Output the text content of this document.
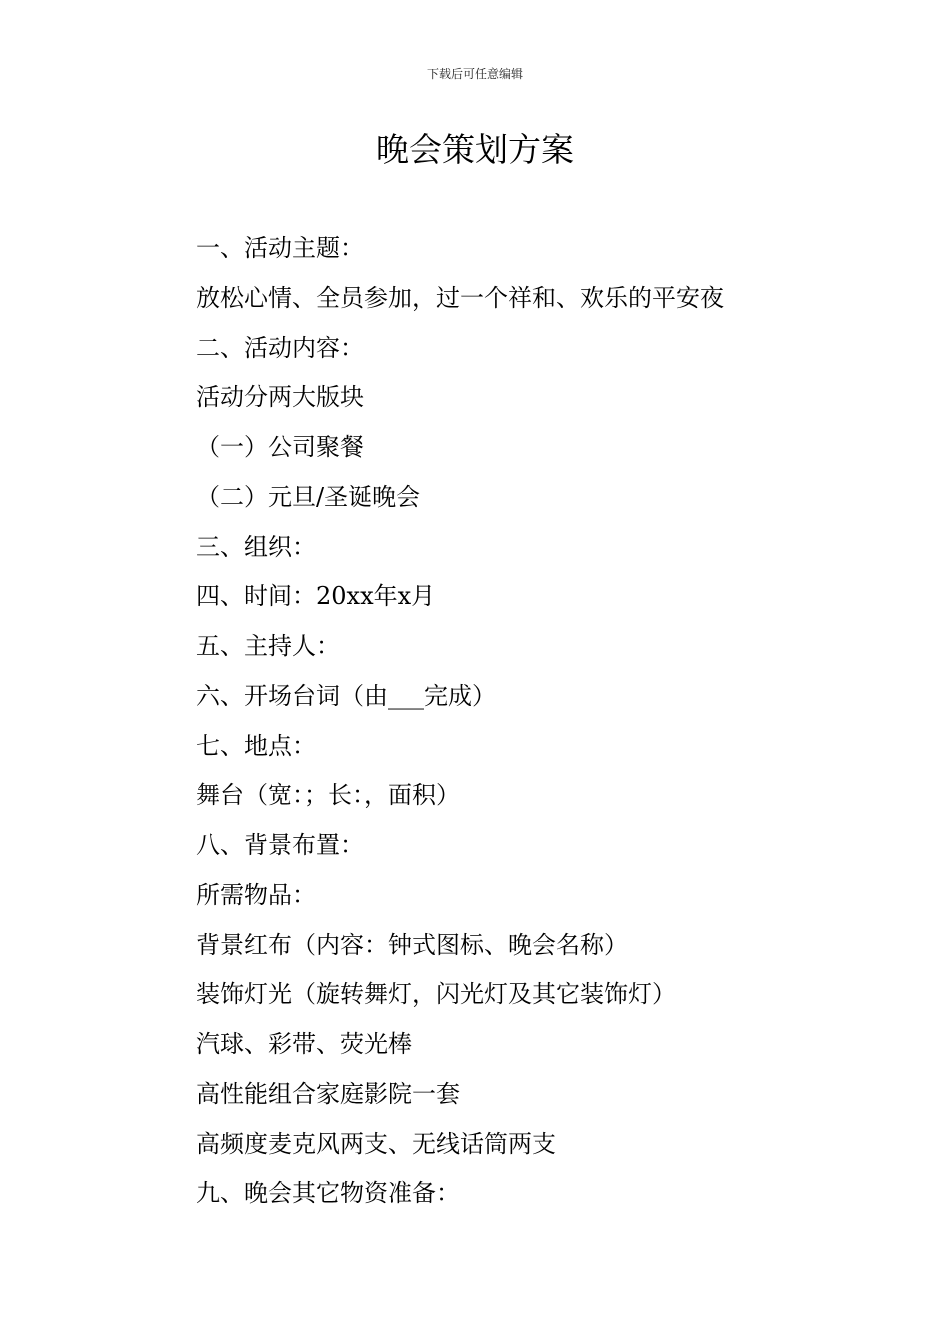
下载后可任意编辑
晚会策划方案

一、活动主题：

放松心情、全员参加，过一个祥和、欢乐的平安夜

二、活动内容：

活动分两大版块

（一）公司聚餐

（二）元旦/圣诞晚会

三、组织：

四、时间：20xx年x月

五、主持人：

六、开场台词（由___完成）

七、地点：

舞台（宽：；长：，面积）

八、背景布置：

所需物品：

背景红布（内容：钟式图标、晚会名称）

装饰灯光（旋转舞灯，闪光灯及其它装饰灯）

汽球、彩带、荧光棒

高性能组合家庭影院一套

高频度麦克风两支、无线话筒两支

九、晚会其它物资准备：
